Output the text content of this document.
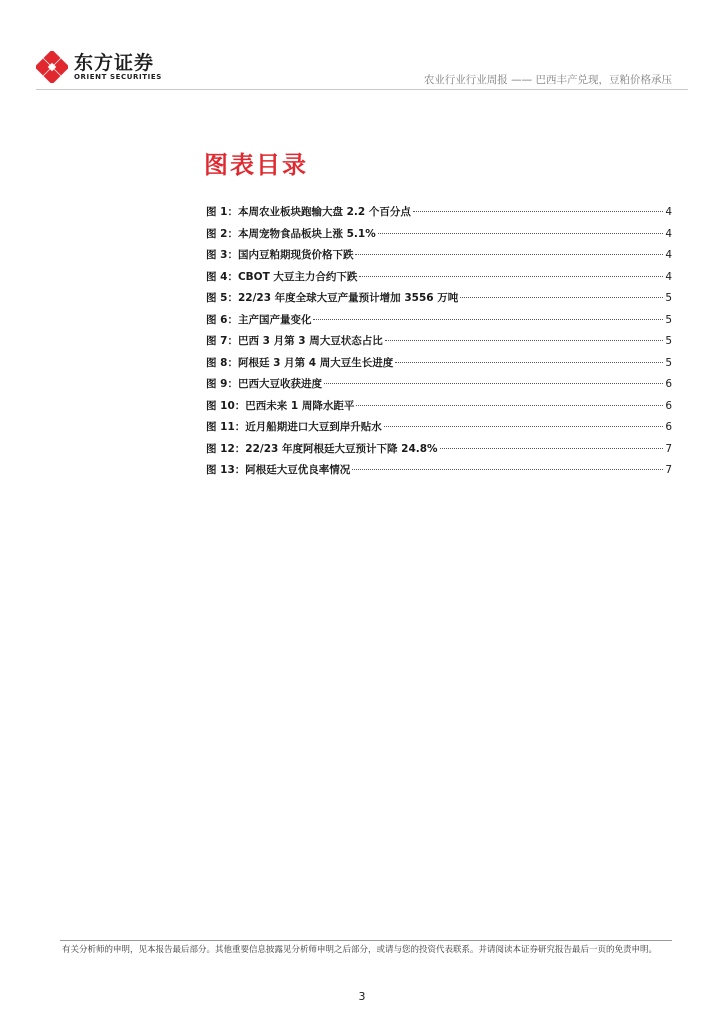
东方证券
ORIENT SECURITIES	农业行业行业周报 —— 巴西丰产兑现，豆粕价格承压
图表目录
图 1：本周农业板块跑输大盘 2.2 个百分点	4
图 2：本周宠物食品板块上涨 5.1%	4
图 3：国内豆粕期现货价格下跌	4
图 4：CBOT 大豆主力合约下跌	4
图 5：22/23 年度全球大豆产量预计增加 3556 万吨	5
图 6：主产国产量变化	5
图 7：巴西 3 月第 3 周大豆状态占比	5
图 8：阿根廷 3 月第 4 周大豆生长进度	5
图 9：巴西大豆收获进度	6
图 10：巴西未来 1 周降水距平	6
图 11：近月船期进口大豆到岸升贴水	6
图 12：22/23 年度阿根廷大豆预计下降 24.8%	7
图 13：阿根廷大豆优良率情况	7
有关分析师的申明，见本报告最后部分。其他重要信息披露见分析师申明之后部分，或请与您的投资代表联系。并请阅读本证券研究报告最后一页的免责申明。
3
